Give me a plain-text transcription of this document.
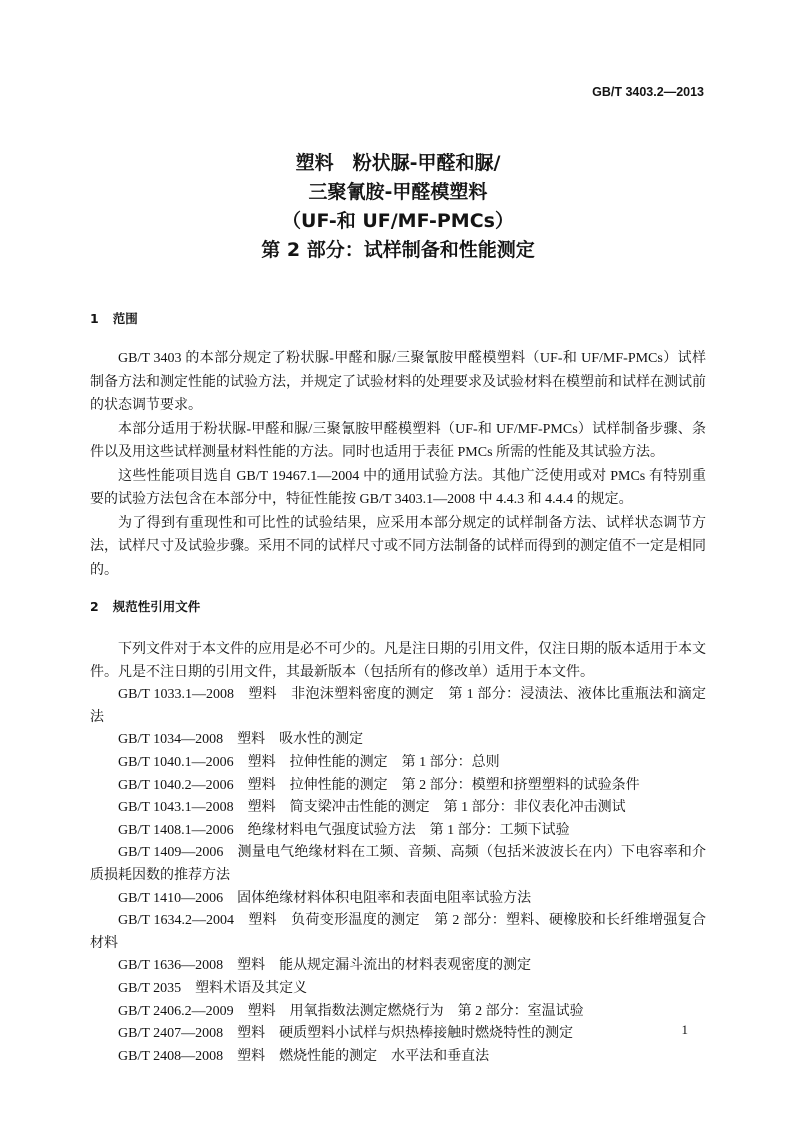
GB/T 3403.2—2013
塑料　粉状脲-甲醛和脲/
三聚氰胺-甲醛模塑料
（UF-和 UF/MF-PMCs）
第 2 部分：试样制备和性能测定
1 范围

GB/T 3403 的本部分规定了粉状脲-甲醛和脲/三聚氰胺甲醛模塑料（UF-和 UF/MF-PMCs）试样制备方法和测定性能的试验方法，并规定了试验材料的处理要求及试验材料在模塑前和试样在测试前的状态调节要求。

本部分适用于粉状脲-甲醛和脲/三聚氰胺甲醛模塑料（UF-和 UF/MF-PMCs）试样制备步骤、条件以及用这些试样测量材料性能的方法。同时也适用于表征 PMCs 所需的性能及其试验方法。

这些性能项目选自 GB/T 19467.1—2004 中的通用试验方法。其他广泛使用或对 PMCs 有特别重要的试验方法包含在本部分中，特征性能按 GB/T 3403.1—2008 中 4.4.3 和 4.4.4 的规定。

为了得到有重现性和可比性的试验结果，应采用本部分规定的试样制备方法、试样状态调节方法，试样尺寸及试验步骤。采用不同的试样尺寸或不同方法制备的试样而得到的测定值不一定是相同的。

2 规范性引用文件

下列文件对于本文件的应用是必不可少的。凡是注日期的引用文件，仅注日期的版本适用于本文件。凡是不注日期的引用文件，其最新版本（包括所有的修改单）适用于本文件。

GB/T 1033.1—2008 塑料　非泡沫塑料密度的测定　第 1 部分：浸渍法、液体比重瓶法和滴定法

GB/T 1034—2008 塑料　吸水性的测定

GB/T 1040.1—2006 塑料　拉伸性能的测定　第 1 部分：总则

GB/T 1040.2—2006 塑料　拉伸性能的测定　第 2 部分：模塑和挤塑塑料的试验条件

GB/T 1043.1—2008 塑料　简支梁冲击性能的测定　第 1 部分：非仪表化冲击测试

GB/T 1408.1—2006 绝缘材料电气强度试验方法　第 1 部分：工频下试验

GB/T 1409—2006 测量电气绝缘材料在工频、音频、高频（包括米波波长在内）下电容率和介质损耗因数的推荐方法

GB/T 1410—2006 固体绝缘材料体积电阻率和表面电阻率试验方法

GB/T 1634.2—2004 塑料　负荷变形温度的测定　第 2 部分：塑料、硬橡胶和长纤维增强复合材料

GB/T 1636—2008 塑料　能从规定漏斗流出的材料表观密度的测定

GB/T 2035 塑料术语及其定义

GB/T 2406.2—2009 塑料　用氧指数法测定燃烧行为　第 2 部分：室温试验

GB/T 2407—2008 塑料　硬质塑料小试样与炽热棒接触时燃烧特性的测定

GB/T 2408—2008 塑料　燃烧性能的测定　水平法和垂直法

1
